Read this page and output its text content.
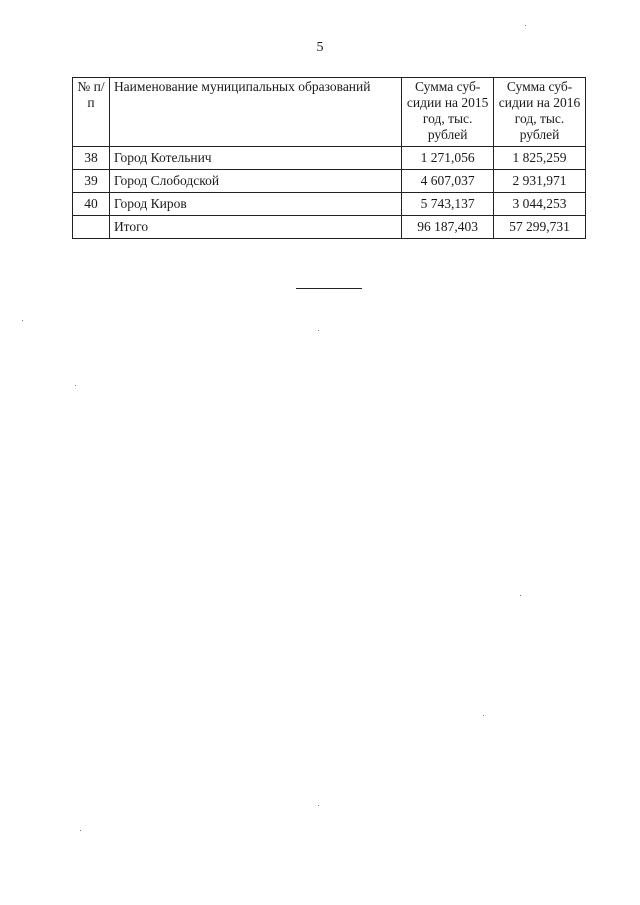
5
№ п/п	Наименование муниципальных образований	Сумма суб-сидии на 2015 год, тыс. рублей	Сумма суб-сидии на 2016 год, тыс. рублей
38	Город Котельнич	1 271,056	1 825,259
39	Город Слободской	4 607,037	2 931,971
40	Город Киров	5 743,137	3 044,253
	Итого	96 187,403	57 299,731
